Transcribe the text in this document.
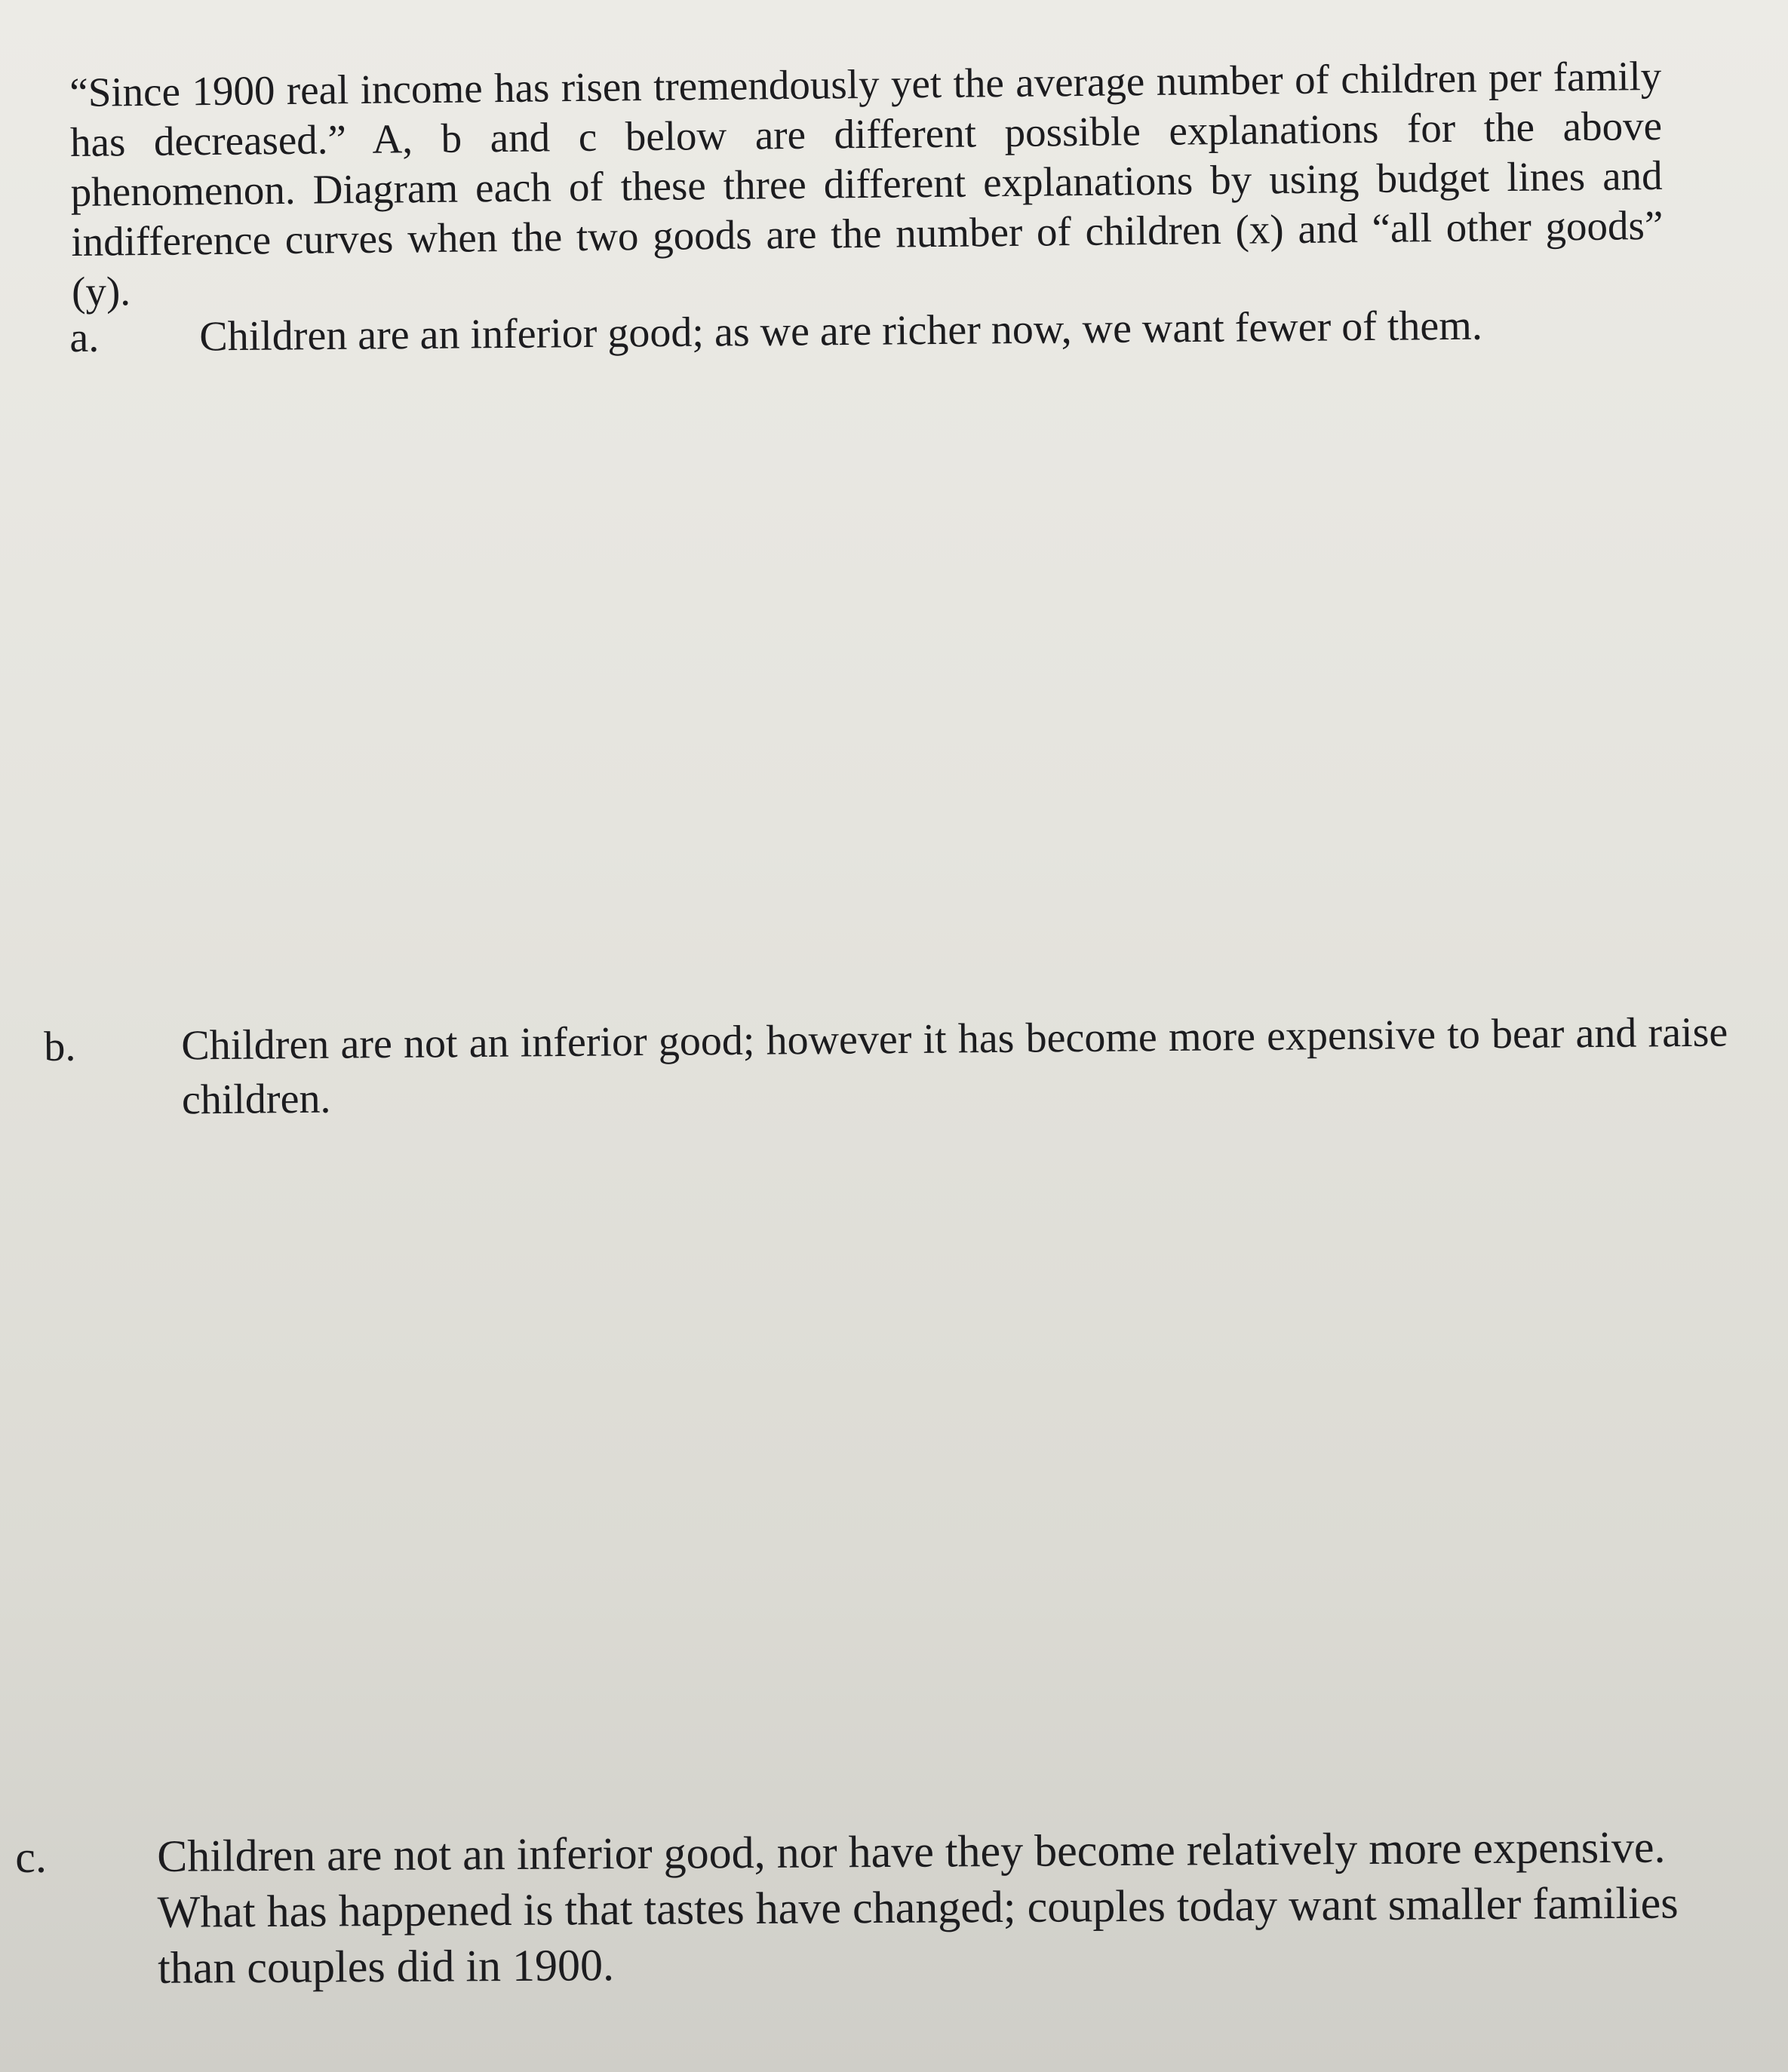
“Since 1900 real income has risen tremendously yet the average number of children per family has decreased.” A, b and c below are different possible explanations for the above phenomenon. Diagram each of these three different explanations by using budget lines and indifference curves when the two goods are the number of children (x) and “all other goods” (y).

a. Children are an inferior good; as we are richer now, we want fewer of them.
b. Children are not an inferior good; however it has become more expensive to bear and raise children.
c. Children are not an inferior good, nor have they become relatively more expensive. What has happened is that tastes have changed; couples today want smaller families than couples did in 1900.
